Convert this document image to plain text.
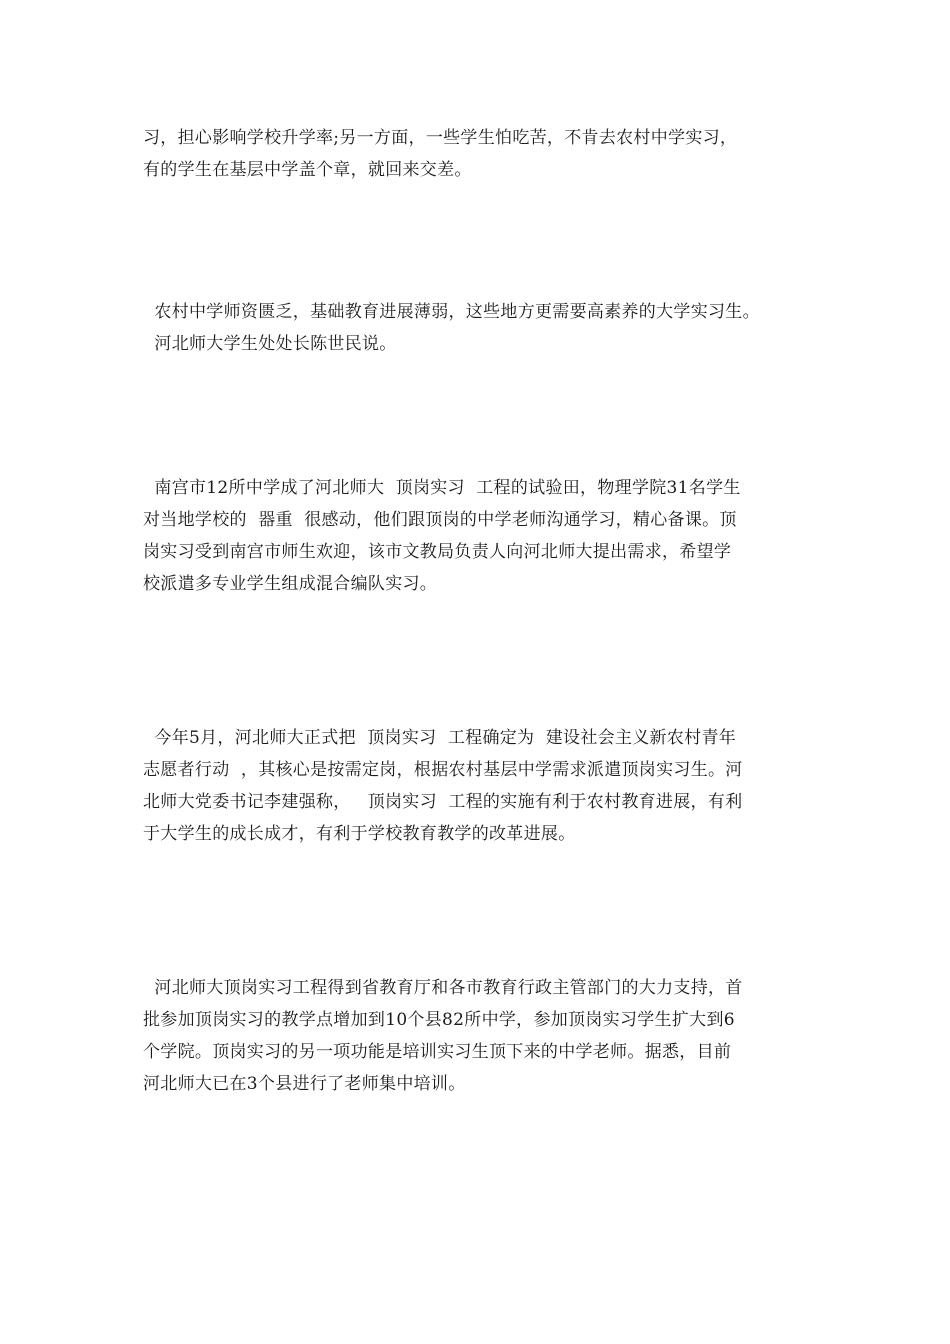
习，担心影响学校升学率;另一方面，一些学生怕吃苦，不肯去农村中学实习，
有的学生在基层中学盖个章，就回来交差。
农村中学师资匮乏，基础教育进展薄弱，这些地方更需要高素养的大学实习生。
河北师大学生处处长陈世民说。
南宫市12所中学成了河北师大  顶岗实习  工程的试验田，物理学院31名学生
对当地学校的  器重  很感动，他们跟顶岗的中学老师沟通学习，精心备课。顶
岗实习受到南宫市师生欢迎，该市文教局负责人向河北师大提出需求，希望学
校派遣多专业学生组成混合编队实习。
今年5月，河北师大正式把  顶岗实习  工程确定为  建设社会主义新农村青年
志愿者行动  ，其核心是按需定岗，根据农村基层中学需求派遣顶岗实习生。河
北师大党委书记李建强称，   顶岗实习  工程的实施有利于农村教育进展，有利
于大学生的成长成才，有利于学校教育教学的改革进展。
河北师大顶岗实习工程得到省教育厅和各市教育行政主管部门的大力支持，首
批参加顶岗实习的教学点增加到10个县82所中学，参加顶岗实习学生扩大到6
个学院。顶岗实习的另一项功能是培训实习生顶下来的中学老师。据悉，目前
河北师大已在3个县进行了老师集中培训。
